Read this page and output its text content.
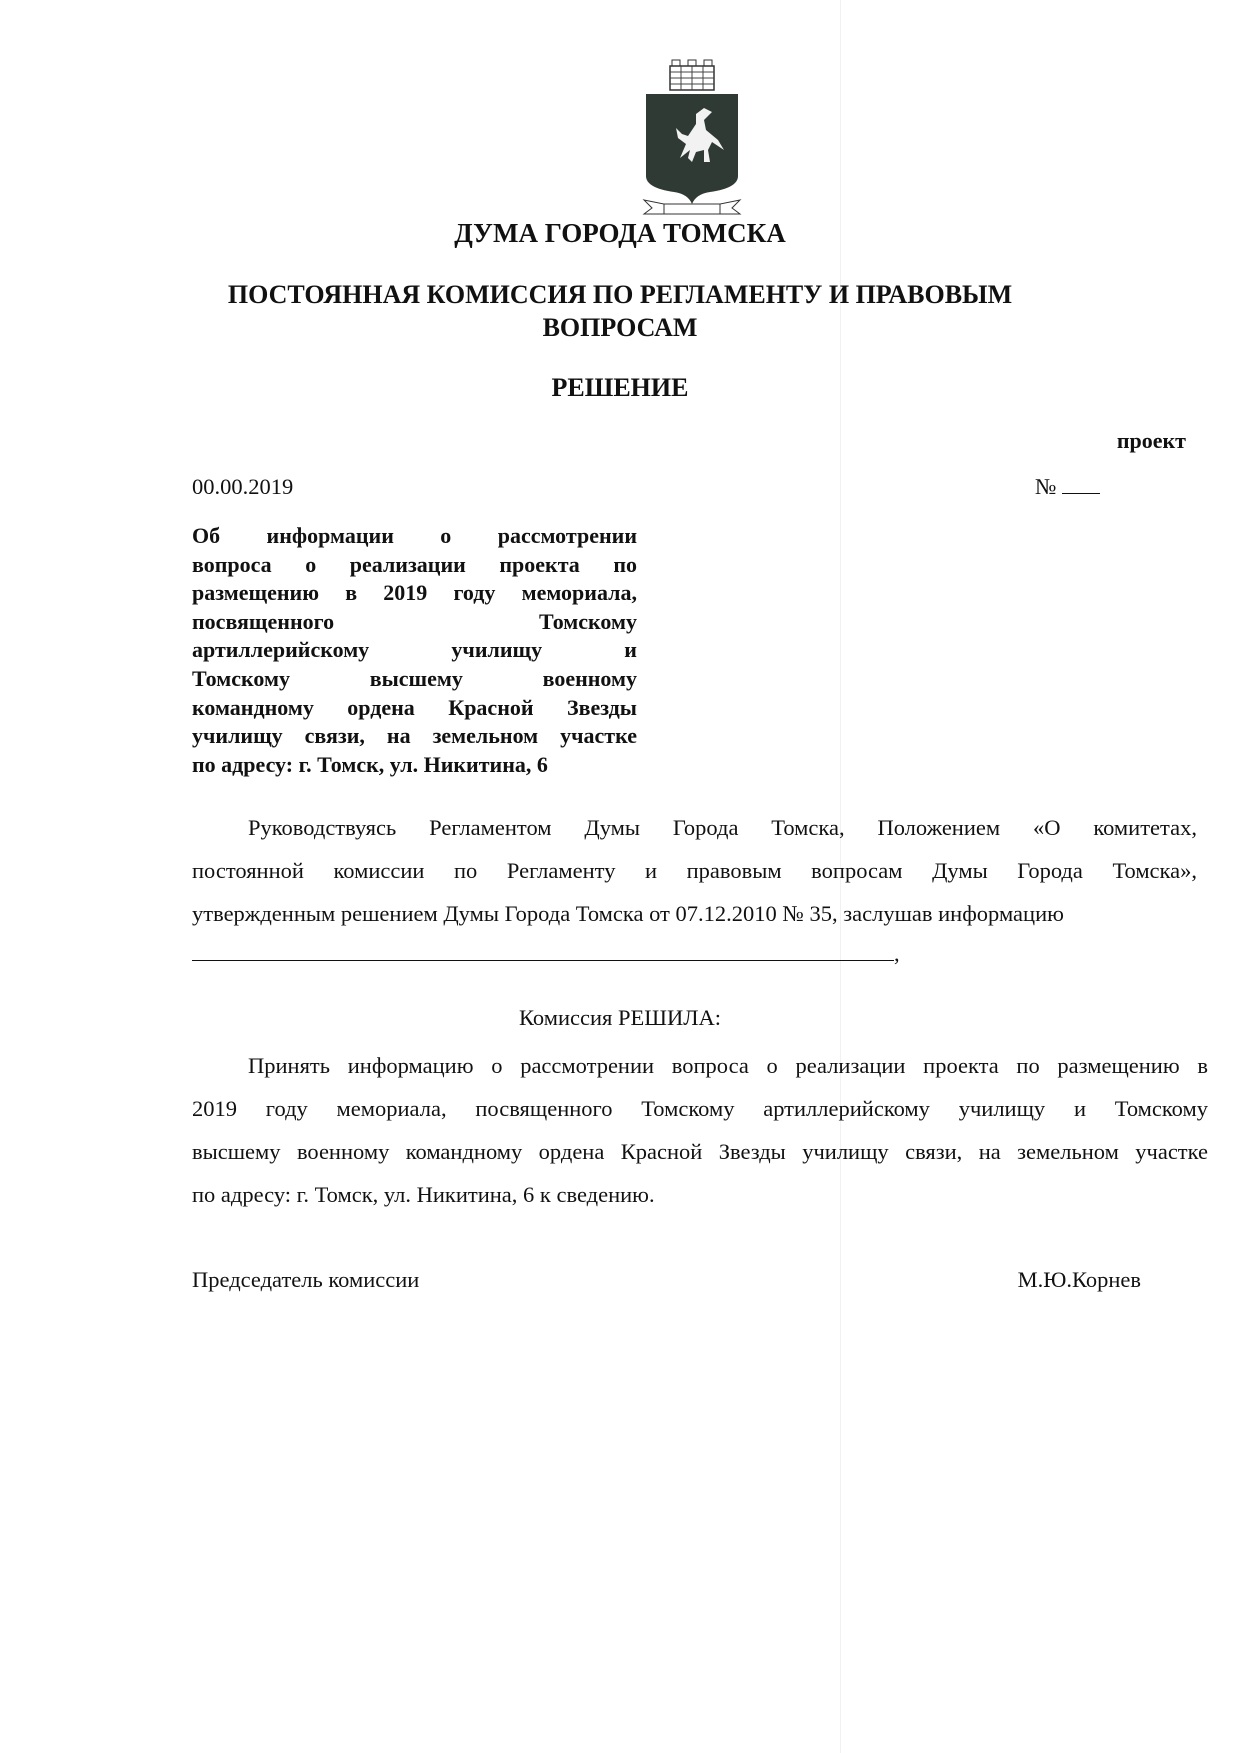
ДУМА ГОРОДА ТОМСКА
ПОСТОЯННАЯ КОМИССИЯ ПО РЕГЛАМЕНТУ И ПРАВОВЫМ
ВОПРОСАМ
РЕШЕНИЕ
проект
00.00.2019	№
Об информации о рассмотрении
вопроса о реализации проекта по
размещению в 2019 году мемориала,
посвященного Томскому
артиллерийскому училищу и
Томскому высшему военному
командному ордена Красной Звезды
училищу связи, на земельном участке
по адресу: г. Томск, ул. Никитина, 6
Руководствуясь Регламентом Думы Города Томска, Положением «О комитетах,
постоянной комиссии по Регламенту и правовым вопросам Думы Города Томска»,
утвержденным решением Думы Города Томска от 07.12.2010 № 35, заслушав информацию
,
Комиссия РЕШИЛА:
Принять информацию о рассмотрении вопроса о реализации проекта по размещению в
2019 году мемориала, посвященного Томскому артиллерийскому училищу и Томскому
высшему военному командному ордена Красной Звезды училищу связи, на земельном участке
по адресу: г. Томск, ул. Никитина, 6 к сведению.
Председатель комиссии	М.Ю.Корнев
